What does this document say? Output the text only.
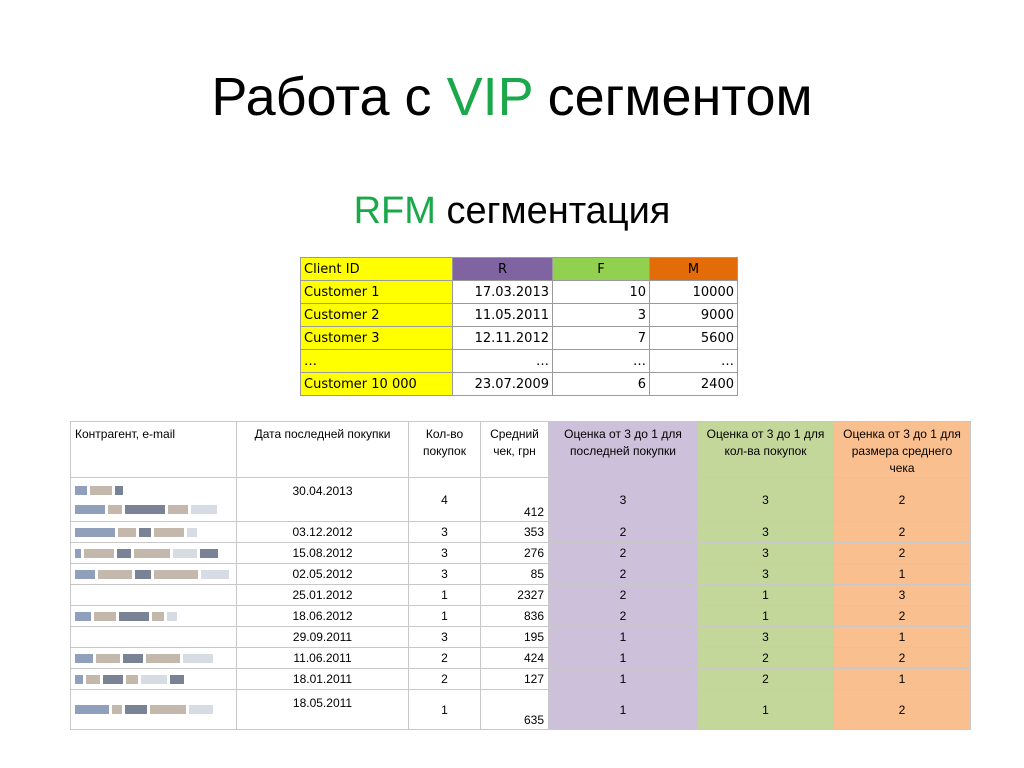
Работа с VIP сегментом
RFM сегментация
Client ID	R	F	M
Customer 1	17.03.2013	10	10000
Customer 2	11.05.2011	3	9000
Customer 3	12.11.2012	7	5600
…	…	…	…
Customer 10 000	23.07.2009	6	2400
Контрагент, e-mail	Дата последней покупки	Кол-во покупок	Средний чек, грн	Оценка от 3 до 1 для последней покупки	Оценка от 3 до 1 для кол-ва покупок	Оценка от 3 до 1 для размера среднего чека

	30.04.2013	4	412	3	3	2

	03.12.2012	3	353	2	3	2

	15.08.2012	3	276	2	3	2

	02.05.2012	3	85	2	3	1
	25.01.2012	1	2327	2	1	3

	18.06.2012	1	836	2	1	2
	29.09.2011	3	195	1	3	1

	11.06.2011	2	424	1	2	2

	18.01.2011	2	127	1	2	1

	18.05.2011	1	635	1	1	2
